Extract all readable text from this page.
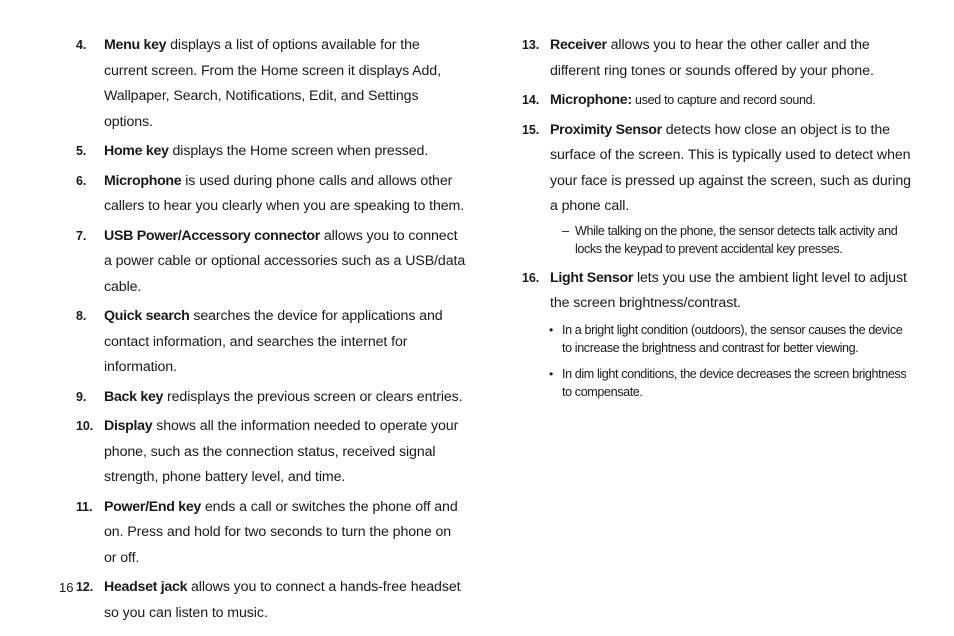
4. Menu key displays a list of options available for the current screen. From the Home screen it displays Add, Wallpaper, Search, Notifications, Edit, and Settings options.
5. Home key displays the Home screen when pressed.
6. Microphone is used during phone calls and allows other callers to hear you clearly when you are speaking to them.
7. USB Power/Accessory connector allows you to connect a power cable or optional accessories such as a USB/data cable.
8. Quick search searches the device for applications and contact information, and searches the internet for information.
9. Back key redisplays the previous screen or clears entries.
10. Display shows all the information needed to operate your phone, such as the connection status, received signal strength, phone battery level, and time.
11. Power/End key ends a call or switches the phone off and on. Press and hold for two seconds to turn the phone on or off.
12. Headset jack allows you to connect a hands-free headset so you can listen to music.
13. Receiver allows you to hear the other caller and the different ring tones or sounds offered by your phone.
14. Microphone: used to capture and record sound.
15. Proximity Sensor detects how close an object is to the surface of the screen. This is typically used to detect when your face is pressed up against the screen, such as during a phone call.
– While talking on the phone, the sensor detects talk activity and locks the keypad to prevent accidental key presses.
16. Light Sensor lets you use the ambient light level to adjust the screen brightness/contrast.
• In a bright light condition (outdoors), the sensor causes the device to increase the brightness and contrast for better viewing.
• In dim light conditions, the device decreases the screen brightness to compensate.
16
